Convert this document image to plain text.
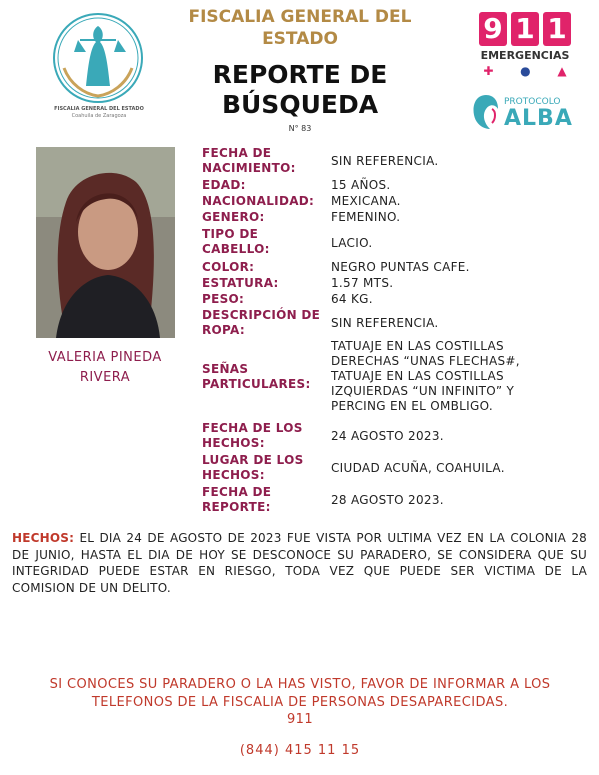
FISCALIA GENERAL DEL ESTADO
Coahuila de Zaragoza
FISCALIA GENERAL DEL
ESTADO
REPORTE DE
BÚSQUEDA
N° 83
9 1 1
EMERGENCIAS
✚ ● ▲
PROTOCOLO
ALBA
VALERIA PINEDA
RIVERA
FECHA DE NACIMIENTO:	SIN REFERENCIA.
EDAD:	15 AÑOS.
NACIONALIDAD:	MEXICANA.
GENERO:	FEMENINO.
TIPO DE CABELLO:	LACIO.
COLOR:	NEGRO PUNTAS CAFE.
ESTATURA:	1.57 MTS.
PESO:	64 KG.
DESCRIPCIÓN DE ROPA:	SIN REFERENCIA.
SEÑAS PARTICULARES:
TATUAJE EN LAS COSTILLAS DERECHAS “UNAS FLECHAS#, TATUAJE EN LAS COSTILLAS IZQUIERDAS “UN INFINITO” Y PERCING EN EL OMBLIGO.
FECHA DE LOS HECHOS:	24 AGOSTO 2023.
LUGAR DE LOS HECHOS:	CIUDAD ACUÑA, COAHUILA.
FECHA DE REPORTE:	28 AGOSTO 2023.
HECHOS: EL DIA 24 DE AGOSTO DE 2023 FUE VISTA POR ULTIMA VEZ EN LA COLONIA 28 DE JUNIO, HASTA EL DIA DE HOY SE DESCONOCE SU PARADERO, SE CONSIDERA QUE SU INTEGRIDAD PUEDE ESTAR EN RIESGO, TODA VEZ QUE PUEDE SER VICTIMA DE LA COMISION DE UN DELITO.
SI CONOCES SU PARADERO O LA HAS VISTO, FAVOR DE INFORMAR A LOS TELEFONOS DE LA FISCALIA DE PERSONAS DESAPARECIDAS.
911
(844) 415 11 15
